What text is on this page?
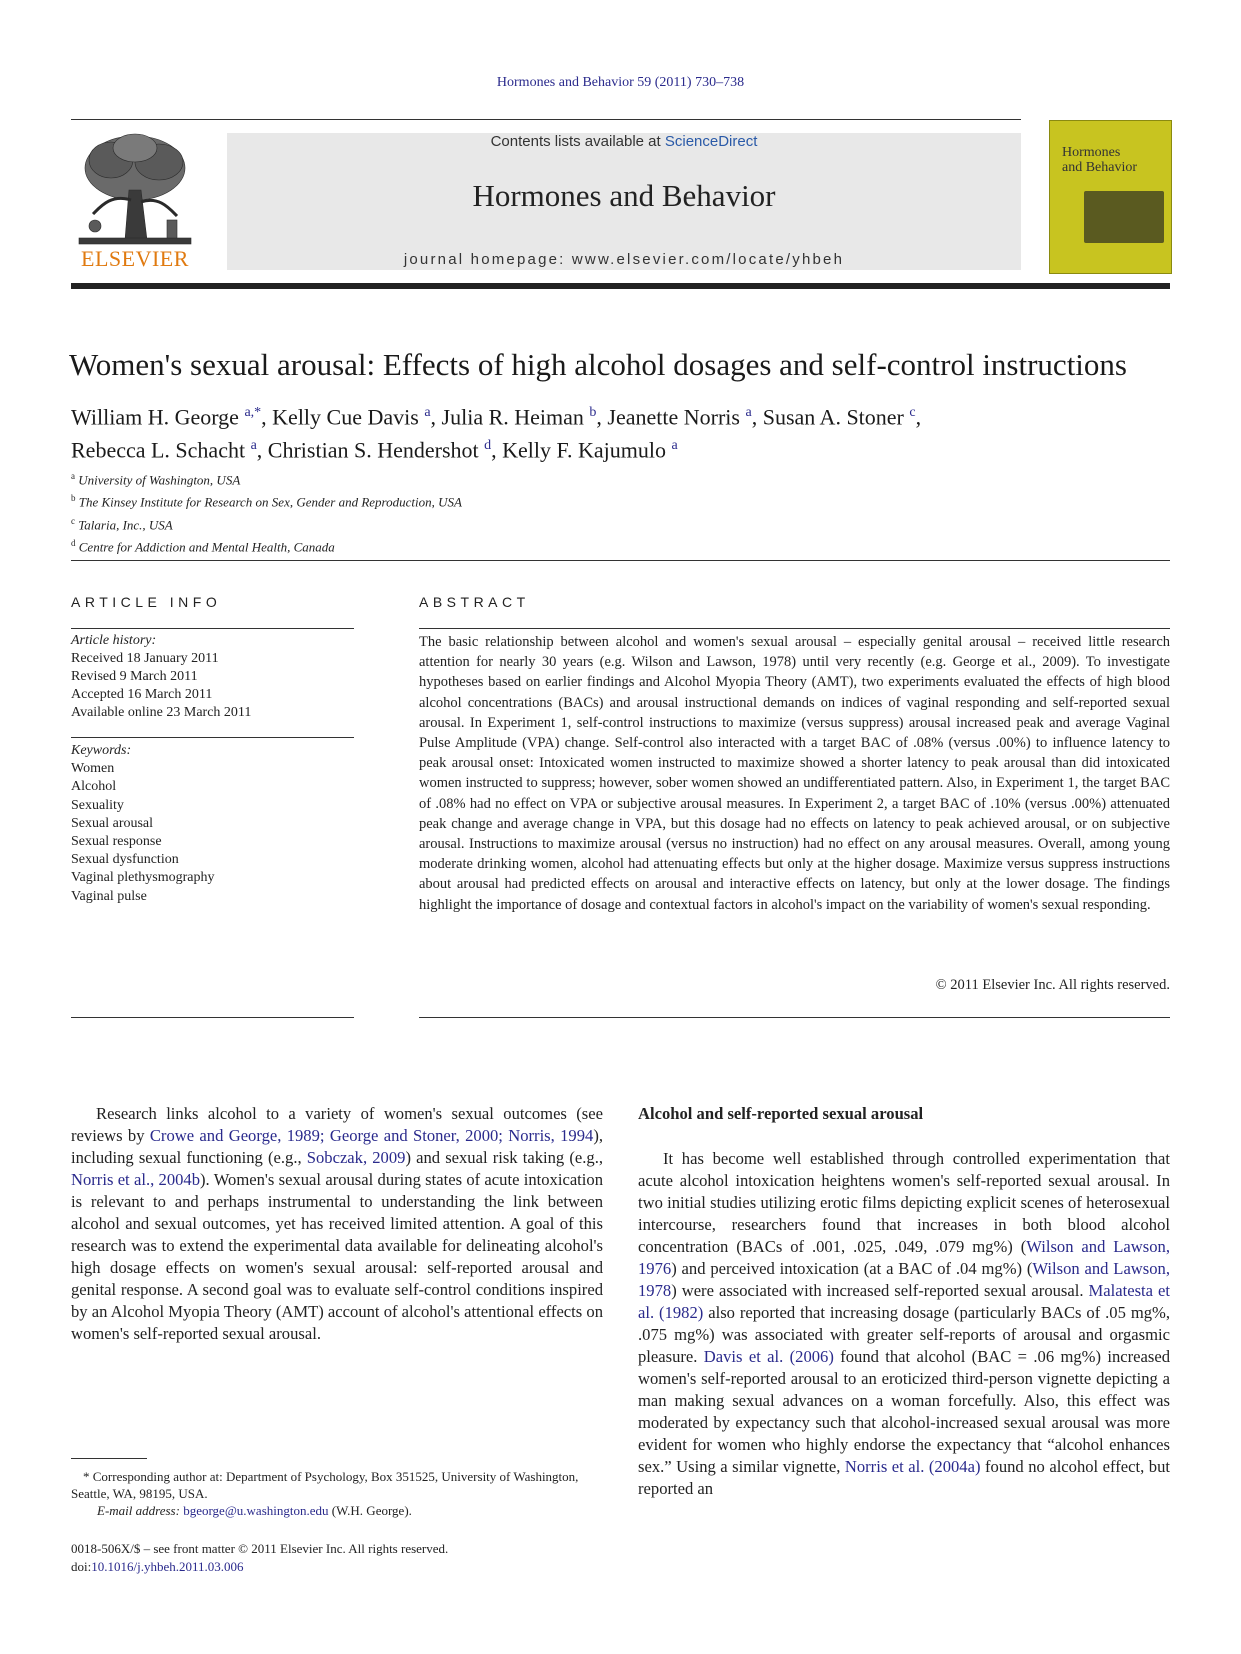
Hormones and Behavior 59 (2011) 730–738
ELSEVIER
Contents lists available at ScienceDirect
Hormones and Behavior
journal homepage: www.elsevier.com/locate/yhbeh
Hormones
and Behavior
Women's sexual arousal: Effects of high alcohol dosages and self-control instructions
William H. George $^{a,*}$, Kelly Cue Davis $^a$, Julia R. Heiman $^b$, Jeanette Norris $^a$, Susan A. Stoner $^c$,
Rebecca L. Schacht $^a$, Christian S. Hendershot $^d$, Kelly F. Kajumulo $^a$
$^a$ University of Washington, USA
$^b$ The Kinsey Institute for Research on Sex, Gender and Reproduction, USA
$^c$ Talaria, Inc., USA
$^d$ Centre for Addiction and Mental Health, Canada
ARTICLE INFO
Article history:
Received 18 January 2011
Revised 9 March 2011
Accepted 16 March 2011
Available online 23 March 2011
Keywords:
Women
Alcohol
Sexuality
Sexual arousal
Sexual response
Sexual dysfunction
Vaginal plethysmography
Vaginal pulse
ABSTRACT
The basic relationship between alcohol and women's sexual arousal – especially genital arousal – received little research attention for nearly 30 years (e.g. Wilson and Lawson, 1978) until very recently (e.g. George et al., 2009). To investigate hypotheses based on earlier findings and Alcohol Myopia Theory (AMT), two experiments evaluated the effects of high blood alcohol concentrations (BACs) and arousal instructional demands on indices of vaginal responding and self-reported sexual arousal. In Experiment 1, self-control instructions to maximize (versus suppress) arousal increased peak and average Vaginal Pulse Amplitude (VPA) change. Self-control also interacted with a target BAC of .08% (versus .00%) to influence latency to peak arousal onset: Intoxicated women instructed to maximize showed a shorter latency to peak arousal than did intoxicated women instructed to suppress; however, sober women showed an undifferentiated pattern. Also, in Experiment 1, the target BAC of .08% had no effect on VPA or subjective arousal measures. In Experiment 2, a target BAC of .10% (versus .00%) attenuated peak change and average change in VPA, but this dosage had no effects on latency to peak achieved arousal, or on subjective arousal. Instructions to maximize arousal (versus no instruction) had no effect on any arousal measures. Overall, among young moderate drinking women, alcohol had attenuating effects but only at the higher dosage. Maximize versus suppress instructions about arousal had predicted effects on arousal and interactive effects on latency, but only at the lower dosage. The findings highlight the importance of dosage and contextual factors in alcohol's impact on the variability of women's sexual responding.
© 2011 Elsevier Inc. All rights reserved.

Research links alcohol to a variety of women's sexual outcomes (see reviews by Crowe and George, 1989; George and Stoner, 2000; Norris, 1994), including sexual functioning (e.g., Sobczak, 2009) and sexual risk taking (e.g., Norris et al., 2004b). Women's sexual arousal during states of acute intoxication is relevant to and perhaps instrumental to understanding the link between alcohol and sexual outcomes, yet has received limited attention. A goal of this research was to extend the experimental data available for delineating alcohol's high dosage effects on women's sexual arousal: self-reported arousal and genital response. A second goal was to evaluate self-control conditions inspired by an Alcohol Myopia Theory (AMT) account of alcohol's attentional effects on women's self-reported sexual arousal.

Alcohol and self-reported sexual arousal

It has become well established through controlled experimentation that acute alcohol intoxication heightens women's self-reported sexual arousal. In two initial studies utilizing erotic films depicting explicit scenes of heterosexual intercourse, researchers found that increases in both blood alcohol concentration (BACs of .001, .025, .049, .079 mg%) (Wilson and Lawson, 1976) and perceived intoxication (at a BAC of .04 mg%) (Wilson and Lawson, 1978) were associated with increased self-reported sexual arousal. Malatesta et al. (1982) also reported that increasing dosage (particularly BACs of .05 mg%, .075 mg%) was associated with greater self-reports of arousal and orgasmic pleasure. Davis et al. (2006) found that alcohol (BAC = .06 mg%) increased women's self-reported arousal to an eroticized third-person vignette depicting a man making sexual advances on a woman forcefully. Also, this effect was moderated by expectancy such that alcohol-increased sexual arousal was more evident for women who highly endorse the expectancy that “alcohol enhances sex.” Using a similar vignette, Norris et al. (2004a) found no alcohol effect, but reported an

* Corresponding author at: Department of Psychology, Box 351525, University of Washington, Seattle, WA, 98195, USA.
E-mail address: bgeorge@u.washington.edu (W.H. George).
0018-506X/$ – see front matter © 2011 Elsevier Inc. All rights reserved.
doi:10.1016/j.yhbeh.2011.03.006
